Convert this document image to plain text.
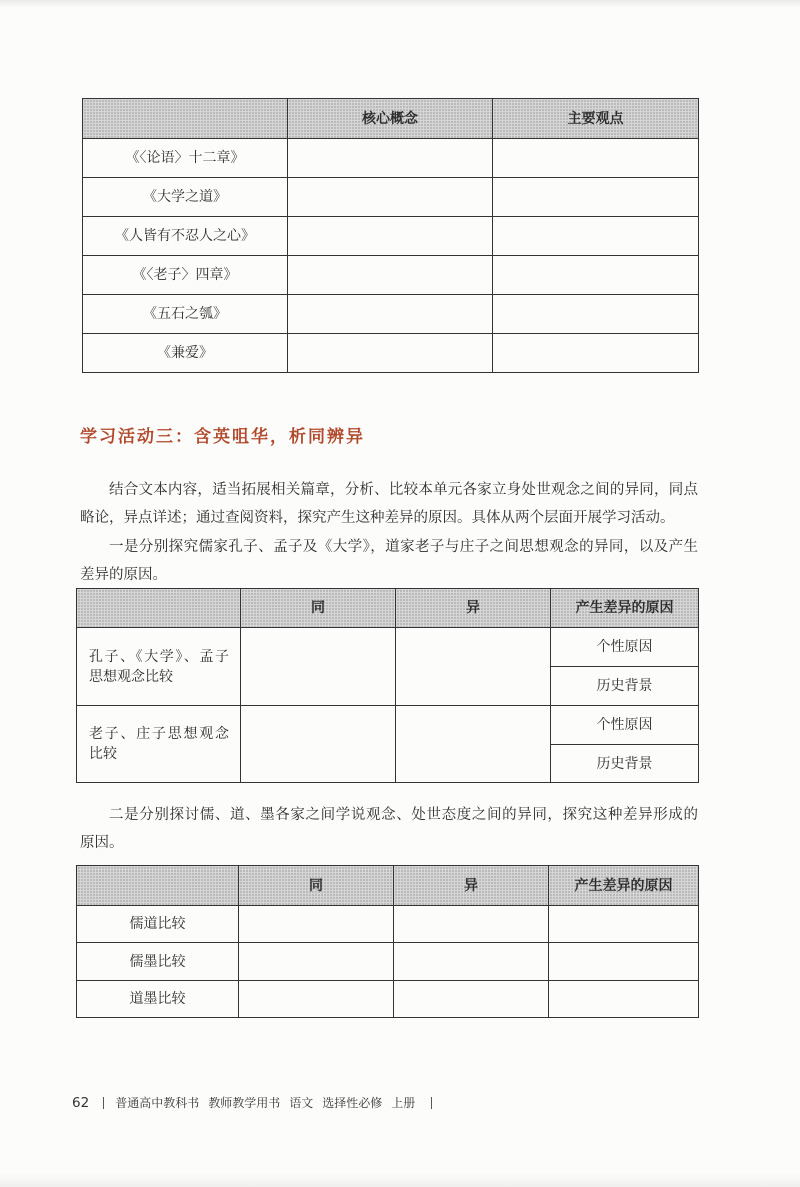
	核心概念	主要观点
《〈论语〉十二章》		
《大学之道》		
《人皆有不忍人之心》		
《〈老子〉四章》		
《五石之瓠》		
《兼爱》		
学习活动三：含英咀华，析同辨异
结合文本内容，适当拓展相关篇章，分析、比较本单元各家立身处世观念之间的异同，同点
略论，异点详述；通过查阅资料，探究产生这种差异的原因。具体从两个层面开展学习活动。
一是分别探究儒家孔子、孟子及《大学》，道家老子与庄子之间思想观念的异同，以及产生
差异的原因。
	同	异	产生差异的原因

孔子、《大学》、孟子
思想观念比较			个性原因
			历史背景

老子、庄子思想观念
比较			个性原因
			历史背景
二是分别探讨儒、道、墨各家之间学说观念、处世态度之间的异同，探究这种差异形成的
原因。
	同	异	产生差异的原因
儒道比较			
儒墨比较			
道墨比较			
62 普通高中教科书 教师教学用书 语文 选择性必修 上册
